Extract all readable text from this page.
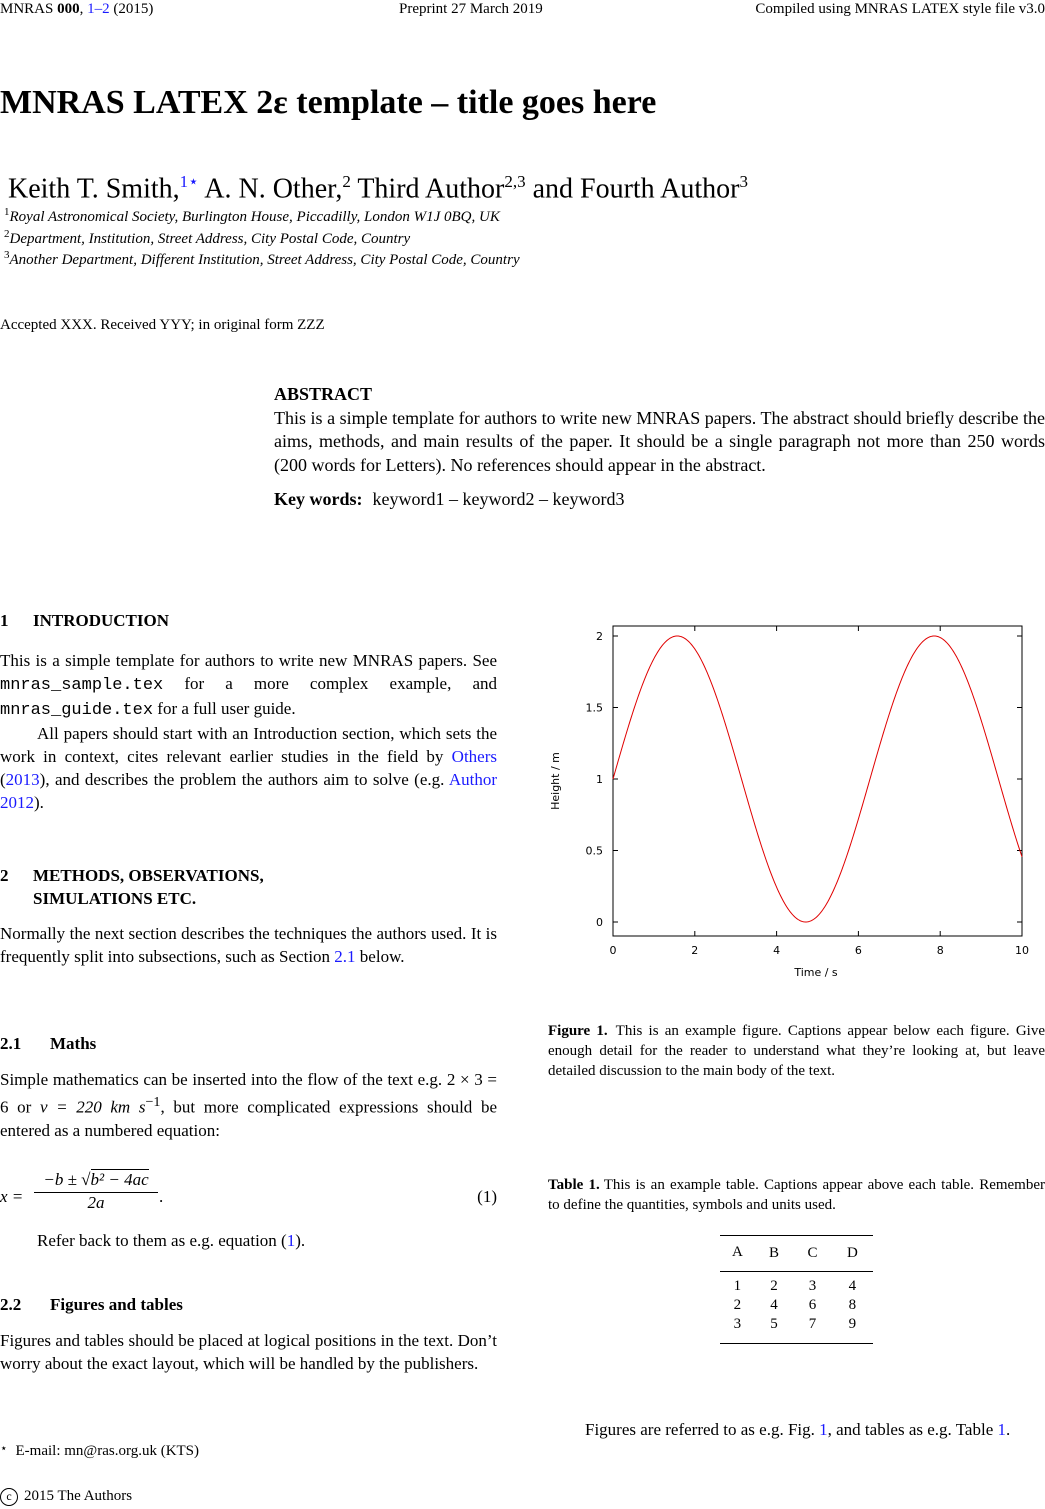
MNRAS 000, 1–2 (2015)	Preprint 27 March 2019	Compiled using MNRAS LATEX style file v3.0
MNRAS LATEX 2ε template – title goes here
Keith T. Smith,$^{1⋆}$ A. N. Other,$^2$ Third Author$^{2,3}$ and Fourth Author$^3$
$^1$Royal Astronomical Society, Burlington House, Piccadilly, London W1J 0BQ, UK
$^2$Department, Institution, Street Address, City Postal Code, Country
$^3$Another Department, Different Institution, Street Address, City Postal Code, Country
Accepted XXX. Received YYY; in original form ZZZ
ABSTRACT

This is a simple template for authors to write new MNRAS papers. The abstract should briefly describe the aims, methods, and main results of the paper. It should be a single paragraph not more than 250 words (200 words for Letters). No references should appear in the abstract.

Key words: keyword1 – keyword2 – keyword3
1 INTRODUCTION

This is a simple template for authors to write new MNRAS papers. See mnras_sample.tex for a more complex example, and mnras_guide.tex for a full user guide.

All papers should start with an Introduction section, which sets the work in context, cites relevant earlier studies in the field by Others (2013), and describes the problem the authors aim to solve (e.g. Author 2012).

2 METHODS, OBSERVATIONS,
SIMULATIONS ETC.

Normally the next section describes the techniques the authors used. It is frequently split into subsections, such as Section 2.1 below.

2.1 Maths

Simple mathematics can be inserted into the flow of the text e.g. 2 × 3 = 6 or v = 220 km $s^{-1}$, but more complicated expressions should be entered as a numbered equation:

$x = \frac{\text{−b ± √b² − 4ac}}{2a}$ .	(1)
Refer back to them as e.g. equation (1).
2.2 Figures and tables

Figures and tables should be placed at logical positions in the text. Don’t worry about the exact layout, which will be handled by the publishers.

⋆ E-mail: mn@ras.org.uk (KTS)
c 2015 The Authors
0
0.5
1
1.5
2
0	2	4	6	8	10
Height / m
Time / s
Figure 1. This is an example figure. Captions appear below each figure. Give enough detail for the reader to understand what they’re looking at, but leave detailed discussion to the main body of the text.
Table 1. This is an example table. Captions appear above each table. Remember to define the quantities, symbols and units used.
A	B	C	D
1	2	3	4
2	4	6	8
3	5	7	9
Figures are referred to as e.g. Fig. 1, and tables as e.g. Table 1.
